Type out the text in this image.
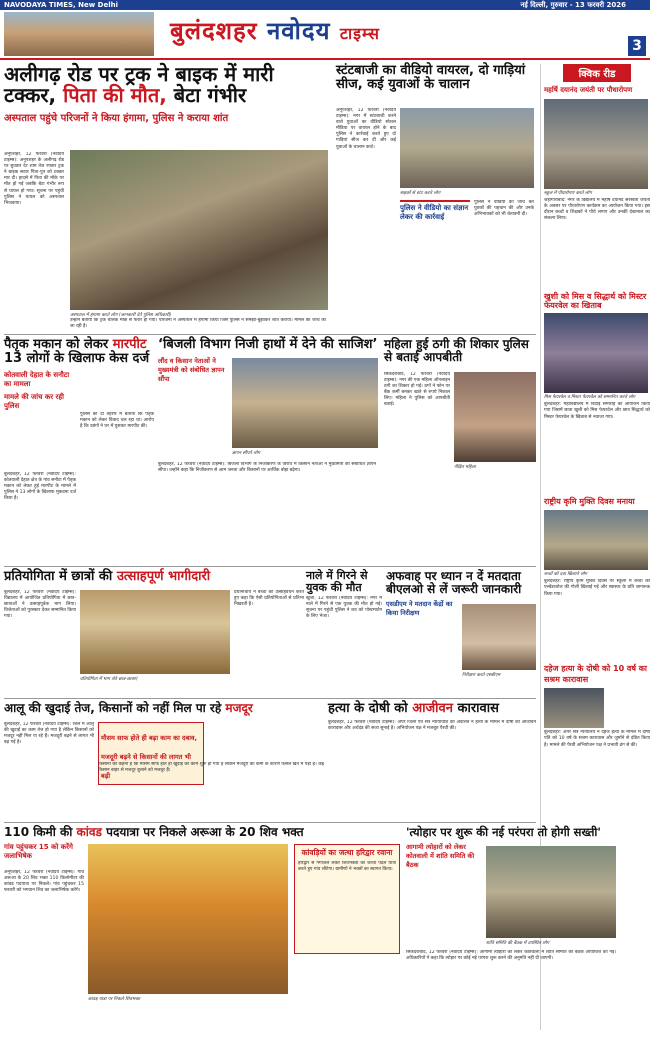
NAVODAYA TIMES, New Delhi	नई दिल्ली, गुरुवार - 13 फरवरी 2026
बुलंदशहर नवोदय टाइम्स
3
अलीगढ़ रोड पर ट्रक ने बाइक में मारी टक्कर, पिता की मौत, बेटा गंभीर
अस्पताल पहुंचे परिजनों ने किया हंगामा, पुलिस ने कराया शांत
अनूपशहर, 12 फरवरी (नवोदय टाइम्स): अनूपशहर के अलीगढ़ रोड पर बुधवार देर शाम तेज रफ्तार ट्रक ने बाइक सवार पिता-पुत्र को टक्कर मार दी। हादसे में पिता की मौके पर मौत हो गई जबकि बेटा गंभीर रूप से घायल हो गया। सूचना पर पहुंची पुलिस ने घायल को अस्पताल भिजवाया।
अस्पताल में हंगामा करते लोग (जानकारी देते पुलिस अधिकारी)
उन्होंने बताया कि ट्रक चालक मौके से फरार हो गया। परिजनों ने अस्पताल में हंगामा किया जिसे पुलिस ने समझा-बुझाकर शांत कराया। मामले की जांच की जा रही है।
स्टंटबाजी का वीडियो वायरल, दो गाड़ियां सीज, कई युवाओं के चालान
अनूपशहर, 12 फरवरी (नवोदय टाइम्स): नगर में स्टंटबाजी करने वाले युवाओं का वीडियो सोशल मीडिया पर वायरल होने के बाद पुलिस ने कार्रवाई करते हुए दो गाड़ियां सीज कर दीं और कई युवाओं के चालान काटे।
बाइकों से स्टंट करते लोग
पुलिस ने वीडियो का संज्ञान लेकर की कार्रवाई
पुलिस ने वीडियो की जांच कर युवकों की पहचान की और उनके अभिभावकों को भी चेतावनी दी।
क्विक रीड
महर्षि दयानंद जयंती पर पौधारोपण
स्कूल में पौधारोपण करते लोग
जहांगीराबाद: नगर के विद्यालय में महर्षि दयानंद सरस्वती जयंती के अवसर पर पौधारोपण कार्यक्रम का आयोजन किया गया। इस दौरान बच्चों व शिक्षकों ने पौधे लगाए और उनकी देखभाल का संकल्प लिया।
खुशी को मिस व सिद्धार्थ को मिस्टर फेयरवेल का खिताब
मिस फेयरवेल व मिस्टर फेयरवेल को सम्मानित करते लोग
बुलंदशहर: महाविद्यालय में विदाई समारोह का आयोजन किया गया जिसमें छात्रा खुशी को मिस फेयरवेल और छात्र सिद्धार्थ को मिस्टर फेयरवेल के खिताब से नवाजा गया।
राष्ट्रीय कृमि मुक्ति दिवस मनाया
बच्चों को दवा खिलाते लोग
बुलंदशहर: राष्ट्रीय कृमि मुक्ति दिवस पर स्कूलों में बच्चों को एल्बेंडाजोल की गोली खिलाई गई और स्वास्थ्य के प्रति जागरूक किया गया।
दहेज हत्या के दोषी को 10 वर्ष का सश्रम कारावास
बुलंदशहर: अपर सत्र न्यायालय ने दहेज हत्या के मामले में दोषी पति को 10 वर्ष के सश्रम कारावास और जुर्माने से दंडित किया है। मामले की पैरवी अभियोजन पक्ष ने प्रभावी ढंग से की।
पैतृक मकान को लेकर मारपीट 13 लोगों के खिलाफ केस दर्ज
कोतवाली देहात के सनौटा का मामला
मामले की जांच कर रही पुलिस
पुलिस को दी तहरीर में बताया कि पैतृक मकान को लेकर विवाद चल रहा था। आरोप है कि दबंगों ने घर में घुसकर मारपीट की।
बुलंदशहर, 12 फरवरी (नवोदय टाइम्स): कोतवाली देहात क्षेत्र के गांव सनौटा में पैतृक मकान को लेकर हुई मारपीट के मामले में पुलिस ने 13 लोगों के खिलाफ मुकदमा दर्ज किया है।
‘बिजली विभाग निजी हाथों में देने की साजिश’
लौंद व किसान नेताओं ने मुख्यमंत्री को संबोधित ज्ञापन सौंपा
ज्ञापन सौंपते लोग
बुलंदशहर, 12 फरवरी (नवोदय टाइम्स): बिजली विभाग के निजीकरण के विरोध में किसान नेताओं ने मुख्यमंत्री को संबोधित ज्ञापन सौंपा। उन्होंने कहा कि निजीकरण से आम जनता और किसानों पर आर्थिक बोझ बढ़ेगा।
महिला हुई ठगी की शिकार पुलिस से बताई आपबीती
पीड़ित महिला
सिकंदराबाद, 12 फरवरी (नवोदय टाइम्स): नगर की एक महिला ऑनलाइन ठगी का शिकार हो गई। ठगों ने फोन पर बैंक कर्मी बनकर खाते से रुपये निकाल लिए। महिला ने पुलिस को आपबीती बताई।
प्रतियोगिता में छात्रों की उत्साहपूर्ण भागीदारी
बुलंदशहर, 12 फरवरी (नवोदय टाइम्स): विद्यालय में आयोजित प्रतियोगिता में छात्र-छात्राओं ने उत्साहपूर्वक भाग लिया। विजेताओं को पुरस्कार देकर सम्मानित किया गया।
प्रतियोगिता में भाग लेते छात्र-छात्राएं
प्रधानाचार्य ने बच्चों का उत्साहवर्धन करते हुए कहा कि ऐसी प्रतियोगिताओं से प्रतिभा निखरती है।
नाले में गिरने से युवक की मौत
खुर्जा, 12 फरवरी (नवोदय टाइम्स): नगर में नाले में गिरने से एक युवक की मौत हो गई। सूचना पर पहुंची पुलिस ने शव को पोस्टमार्टम के लिए भेजा।
अफवाह पर ध्यान न दें मतदाता बीएलओ से लें जरूरी जानकारी
एसडीएम ने मतदान केंद्रों का किया निरीक्षण
निरीक्षण करते एसडीएम
आलू की खुदाई तेज, किसानों को नहीं मिल पा रहे मजदूर
बुलंदशहर, 12 फरवरी (नवोदय टाइम्स): जिले में आलू की खुदाई का काम तेज हो गया है लेकिन किसानों को मजदूर नहीं मिल पा रहे हैं। मजदूरी बढ़ने से लागत भी बढ़ गई है।
मौसम साफ होते ही बढ़ा काम का दबाव, मजदूरी बढ़ने से किसानों की लागत भी बढ़ी
किसानों का कहना है कि मौसम साफ होते ही खुदाई का काम शुरू हो गया है लेकिन मजदूरों की कमी के कारण फसल खेत में पड़ी है। कई किसान बाहर से मजदूर बुलाने को मजबूर हैं।
हत्या के दोषी को आजीवन कारावास
बुलंदशहर, 12 फरवरी (नवोदय टाइम्स): अपर जिला एवं सत्र न्यायाधीश की अदालत ने हत्या के मामले में दोषी को आजीवन कारावास और अर्थदंड की सजा सुनाई है। अभियोजन पक्ष ने मजबूत पैरवी की।
110 किमी की कांवड पदयात्रा पर निकले अरूआ के 20 शिव भक्त
गांव पहुंचकर 15 को करेंगे जलाभिषेक
अनूपशहर, 12 फरवरी (नवोदय टाइम्स): गांव अरूआ के 20 शिव भक्त 110 किलोमीटर की कांवड पदयात्रा पर निकले। गांव पहुंचकर 15 फरवरी को भगवान शिव का जलाभिषेक करेंगे।
कांवड़ यात्रा पर निकले शिवभक्त
कांवड़ियों का जत्था हरिद्वार रवाना
हरिद्वार से गंगाजल लेकर शिवभक्तों का जत्था पैदल यात्रा करते हुए गांव लौटेगा। ग्रामीणों ने भक्तों का स्वागत किया।
'त्योहार पर शुरू की नई परंपरा तो होगी सख्ती'
आगामी त्योहारों को लेकर कोतवाली में शांति समिति की बैठक
शांति समिति की बैठक में उपस्थित लोग
सिकंदराबाद, 12 फरवरी (नवोदय टाइम्स): आगामी त्योहारों को लेकर कोतवाली में शांति समिति की बैठक आयोजित की गई। अधिकारियों ने कहा कि त्योहार पर कोई नई परंपरा शुरू करने की अनुमति नहीं दी जाएगी।
